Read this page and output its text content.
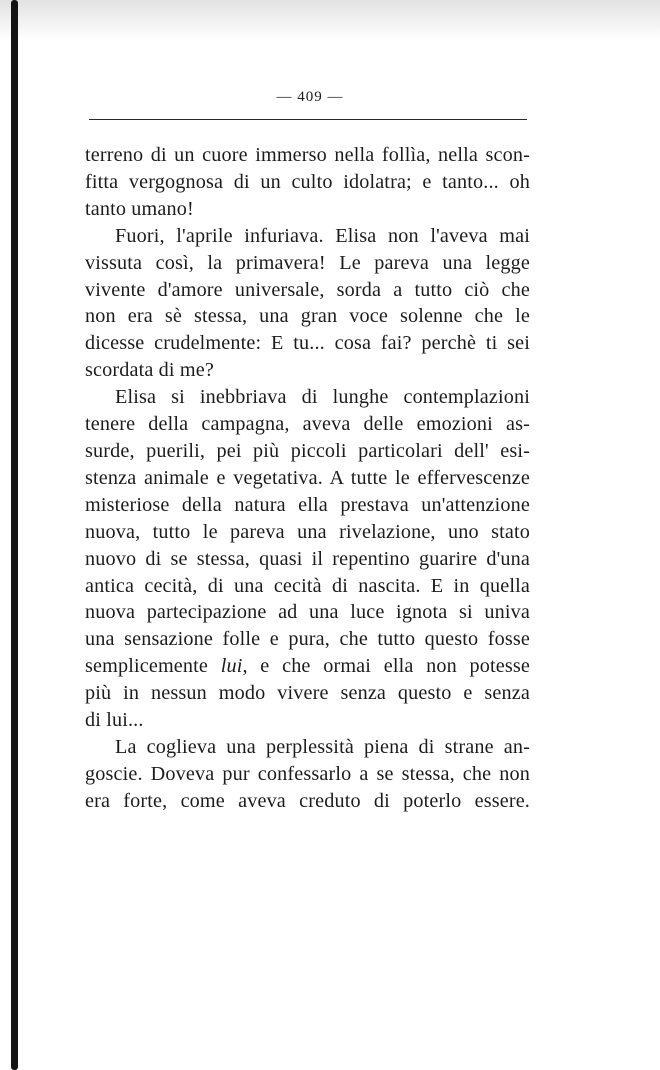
— 409 —
terreno di un cuore immerso nella follìa, nella scon-
fitta vergognosa di un culto idolatra; e tanto... oh
tanto umano!
Fuori, l'aprile infuriava. Elisa non l'aveva mai
vissuta così, la primavera! Le pareva una legge
vivente d'amore universale, sorda a tutto ciò che
non era sè stessa, una gran voce solenne che le
dicesse crudelmente: E tu... cosa fai? perchè ti sei
scordata di me?
Elisa si inebbriava di lunghe contemplazioni
tenere della campagna, aveva delle emozioni as-
surde, puerili, pei più piccoli particolari dell' esi-
stenza animale e vegetativa. A tutte le effervescenze
misteriose della natura ella prestava un'attenzione
nuova, tutto le pareva una rivelazione, uno stato
nuovo di se stessa, quasi il repentino guarire d'una
antica cecità, di una cecità di nascita. E in quella
nuova partecipazione ad una luce ignota si univa
una sensazione folle e pura, che tutto questo fosse
semplicemente lui, e che ormai ella non potesse
più in nessun modo vivere senza questo e senza
di lui...
La coglieva una perplessità piena di strane an-
goscie. Doveva pur confessarlo a se stessa, che non
era forte, come aveva creduto di poterlo essere.
